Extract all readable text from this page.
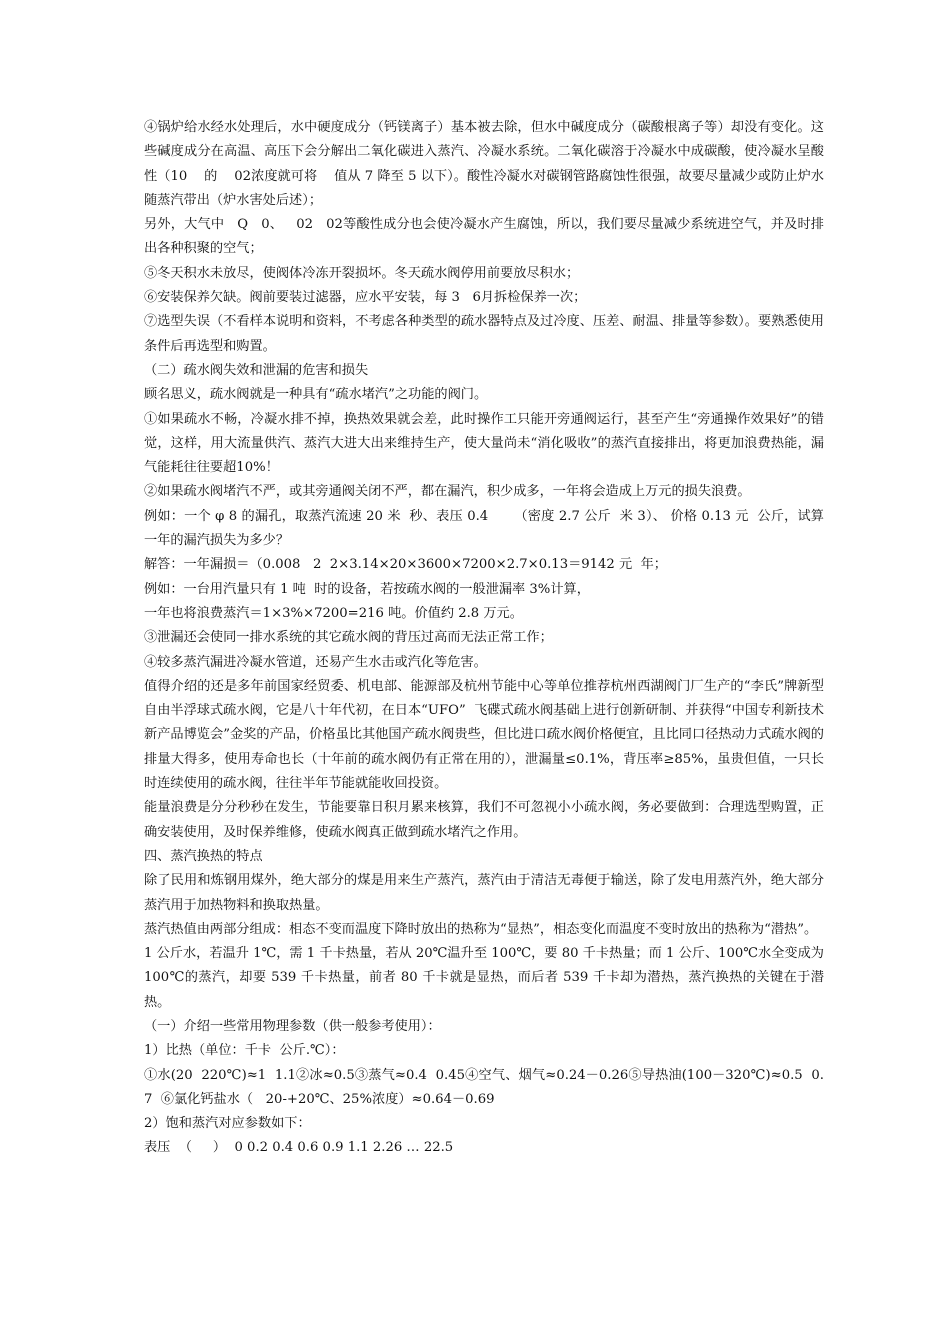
④锅炉给水经水处理后，水中硬度成分（钙镁离子）基本被去除，但水中碱度成分（碳酸根离子等）却没有变化。这些碱度成分在高温、高压下会分解出二氧化碳进入蒸汽、冷凝水系统。二氧化碳溶于冷凝水中成碳酸，使冷凝水呈酸性（10    的    02浓度就可将    值从 7 降至 5 以下）。酸性冷凝水对碳钢管路腐蚀性很强，故要尽量减少或防止炉水随蒸汽带出（炉水害处后述）；

另外，大气中   Q   0、   02   02等酸性成分也会使冷凝水产生腐蚀，所以，我们要尽量减少系统进空气，并及时排出各种积聚的空气；

⑤冬天积水未放尽，使阀体冷冻开裂损坏。冬天疏水阀停用前要放尽积水；

⑥安装保养欠缺。阀前要装过滤器，应水平安装，每 3   6月拆检保养一次；

⑦选型失误（不看样本说明和资料，不考虑各种类型的疏水器特点及过冷度、压差、耐温、排量等参数）。要熟悉使用条件后再选型和购置。

（二）疏水阀失效和泄漏的危害和损失

顾名思义，疏水阀就是一种具有“疏水堵汽”之功能的阀门。

①如果疏水不畅，冷凝水排不掉，换热效果就会差，此时操作工只能开旁通阀运行，甚至产生“旁通操作效果好”的错觉，这样，用大流量供汽、蒸汽大进大出来维持生产，使大量尚未“消化吸收”的蒸汽直接排出，将更加浪费热能，漏气能耗往往要超10%！

②如果疏水阀堵汽不严，或其旁通阀关闭不严，都在漏汽，积少成多，一年将会造成上万元的损失浪费。

例如：一个 φ 8 的漏孔，取蒸汽流速 20 米  秒、表压 0.4      （密度 2.7 公斤  米 3）、 价格 0.13 元  公斤，试算一年的漏汽损失为多少？

解答：一年漏损＝（0.008   2  2×3.14×20×3600×7200×2.7×0.13＝9142 元  年；

例如：一台用汽量只有 1 吨  时的设备，若按疏水阀的一般泄漏率 3%计算，

一年也将浪费蒸汽＝1×3%×7200=216 吨。价值约 2.8 万元。

③泄漏还会使同一排水系统的其它疏水阀的背压过高而无法正常工作；

④较多蒸汽漏进冷凝水管道，还易产生水击或汽化等危害。

值得介绍的还是多年前国家经贸委、机电部、能源部及杭州节能中心等单位推荐杭州西湖阀门厂生产的“李氏”牌新型自由半浮球式疏水阀，它是八十年代初，在日本“UFO”  飞碟式疏水阀基础上进行创新研制、并获得“中国专利新技术新产品博览会”金奖的产品，价格虽比其他国产疏水阀贵些，但比进口疏水阀价格便宜，且比同口径热动力式疏水阀的排量大得多，使用寿命也长（十年前的疏水阀仍有正常在用的），泄漏量≤0.1%，背压率≥85%，虽贵但值，一只长时连续使用的疏水阀，往往半年节能就能收回投资。

能量浪费是分分秒秒在发生，节能要靠日积月累来核算，我们不可忽视小小疏水阀，务必要做到：合理选型购置，正确安装使用，及时保养维修，使疏水阀真正做到疏水堵汽之作用。

四、蒸汽换热的特点

除了民用和炼钢用煤外，绝大部分的煤是用来生产蒸汽，蒸汽由于清洁无毒便于输送，除了发电用蒸汽外，绝大部分蒸汽用于加热物料和换取热量。

蒸汽热值由两部分组成：相态不变而温度下降时放出的热称为“显热”，相态变化而温度不变时放出的热称为“潜热”。

1 公斤水，若温升 1℃，需 1 千卡热量，若从 20℃温升至 100℃，要 80 千卡热量；而 1 公斤、100℃水全变成为 100℃的蒸汽，却要 539 千卡热量，前者 80 千卡就是显热，而后者 539 千卡却为潜热，蒸汽换热的关键在于潜热。

（一）介绍一些常用物理参数（供一般参考使用）：

1）比热（单位：千卡  公斤.℃）：

①水(20  220℃)≈1  1.1②冰≈0.5③蒸气≈0.4  0.45④空气、烟气≈0.24－0.26⑤导热油(100－320℃)≈0.5  0.7  ⑥氯化钙盐水（   20-+20℃、25%浓度）≈0.64－0.69

2）饱和蒸汽对应参数如下：

表压  （     ）  0 0.2 0.4 0.6 0.9 1.1 2.26 … 22.5
